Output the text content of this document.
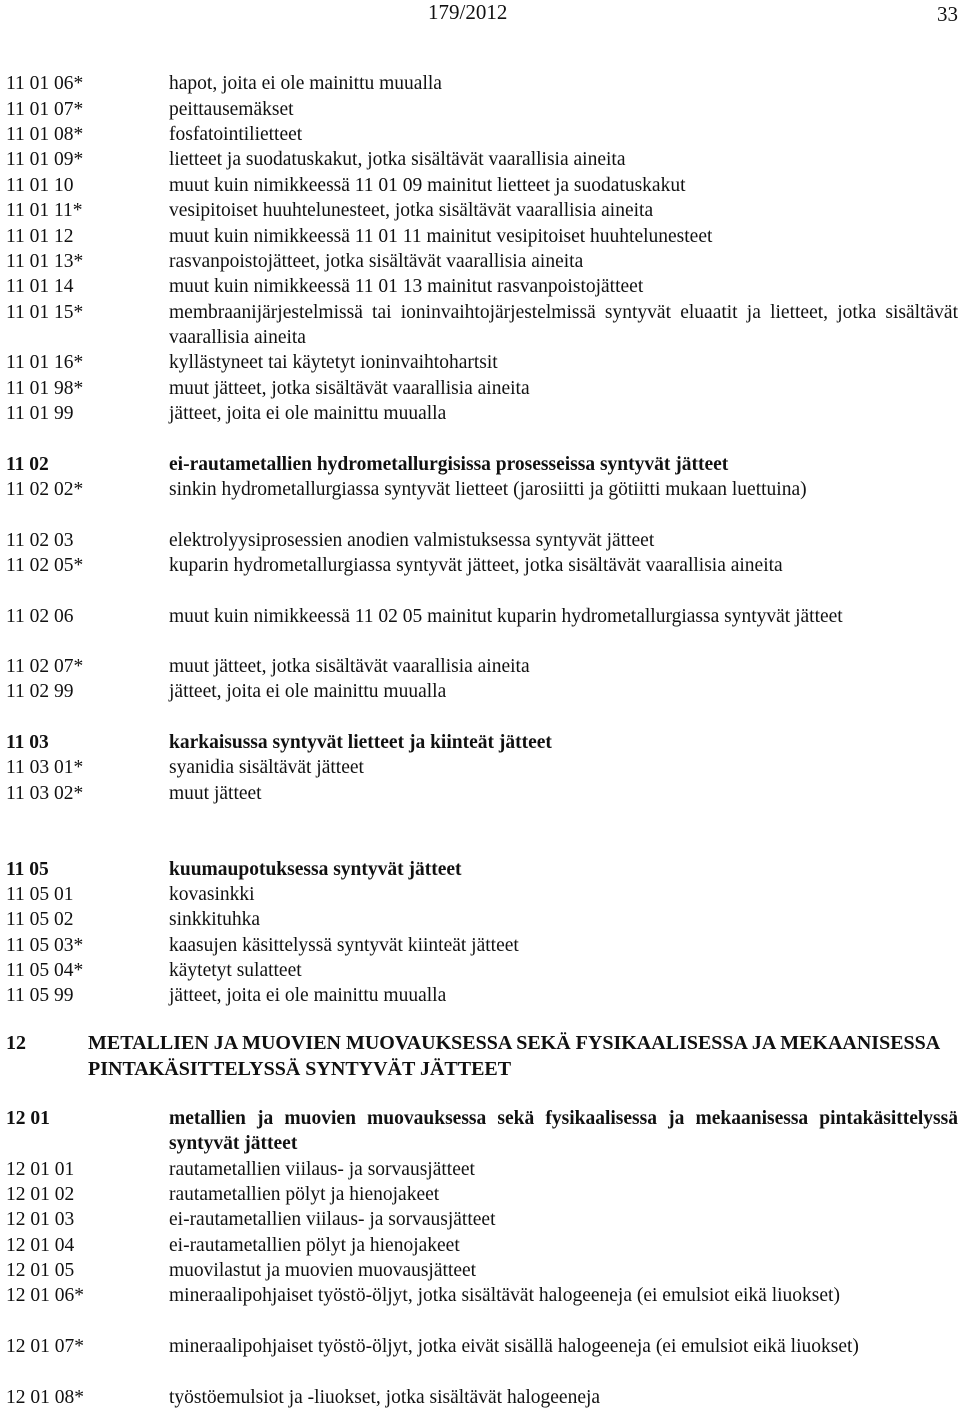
179/2012	33
11 01 06*	hapot, joita ei ole mainittu muualla
11 01 07*	peittausemäkset
11 01 08*	fosfatointilietteet
11 01 09*	lietteet ja suodatuskakut, jotka sisältävät vaarallisia aineita
11 01 10	muut kuin nimikkeessä 11 01 09 mainitut lietteet ja suodatuskakut
11 01 11*	vesipitoiset huuhtelunesteet, jotka sisältävät vaarallisia aineita
11 01 12	muut kuin nimikkeessä 11 01 11 mainitut vesipitoiset huuhtelunesteet
11 01 13*	rasvanpoistojätteet, jotka sisältävät vaarallisia aineita
11 01 14	muut kuin nimikkeessä 11 01 13 mainitut rasvanpoistojätteet
11 01 15*	membraanijärjestelmissä tai ioninvaihtojärjestelmissä syntyvät eluaatit ja lietteet, jotka sisältävät vaarallisia aineita
11 01 16*	kyllästyneet tai käytetyt ioninvaihtohartsit
11 01 98*	muut jätteet, jotka sisältävät vaarallisia aineita
11 01 99	jätteet, joita ei ole mainittu muualla
11 02	ei-rautametallien hydrometallurgisissa prosesseissa syntyvät jätteet
11 02 02*	sinkin hydrometallurgiassa syntyvät lietteet (jarosiitti ja götiitti mukaan luettuina)
11 02 03	elektrolyysiprosessien anodien valmistuksessa syntyvät jätteet
11 02 05*	kuparin hydrometallurgiassa syntyvät jätteet, jotka sisältävät vaarallisia aineita
11 02 06	muut kuin nimikkeessä 11 02 05 mainitut kuparin hydrometallurgiassa syntyvät jätteet
11 02 07*	muut jätteet, jotka sisältävät vaarallisia aineita
11 02 99	jätteet, joita ei ole mainittu muualla
11 03	karkaisussa syntyvät lietteet ja kiinteät jätteet
11 03 01*	syanidia sisältävät jätteet
11 03 02*	muut jätteet
11 05	kuumaupotuksessa syntyvät jätteet
11 05 01	kovasinkki
11 05 02	sinkkituhka
11 05 03*	kaasujen käsittelyssä syntyvät kiinteät jätteet
11 05 04*	käytetyt sulatteet
11 05 99	jätteet, joita ei ole mainittu muualla
12	METALLIEN JA MUOVIEN MUOVAUKSESSA SEKÄ FYSIKAALISESSA JA MEKAANISESSA PINTAKÄSITTELYSSÄ SYNTYVÄT JÄTTEET
12 01	metallien ja muovien muovauksessa sekä fysikaalisessa ja mekaanisessa pintakäsittelyssä syntyvät jätteet
12 01 01	rautametallien viilaus- ja sorvausjätteet
12 01 02	rautametallien pölyt ja hienojakeet
12 01 03	ei-rautametallien viilaus- ja sorvausjätteet
12 01 04	ei-rautametallien pölyt ja hienojakeet
12 01 05	muovilastut ja muovien muovausjätteet
12 01 06*	mineraalipohjaiset työstö-öljyt, jotka sisältävät halogeeneja (ei emulsiot eikä liuokset)
12 01 07*	mineraalipohjaiset työstö-öljyt, jotka eivät sisällä halogeeneja (ei emulsiot eikä liuokset)
12 01 08*	työstöemulsiot ja -liuokset, jotka sisältävät halogeeneja
